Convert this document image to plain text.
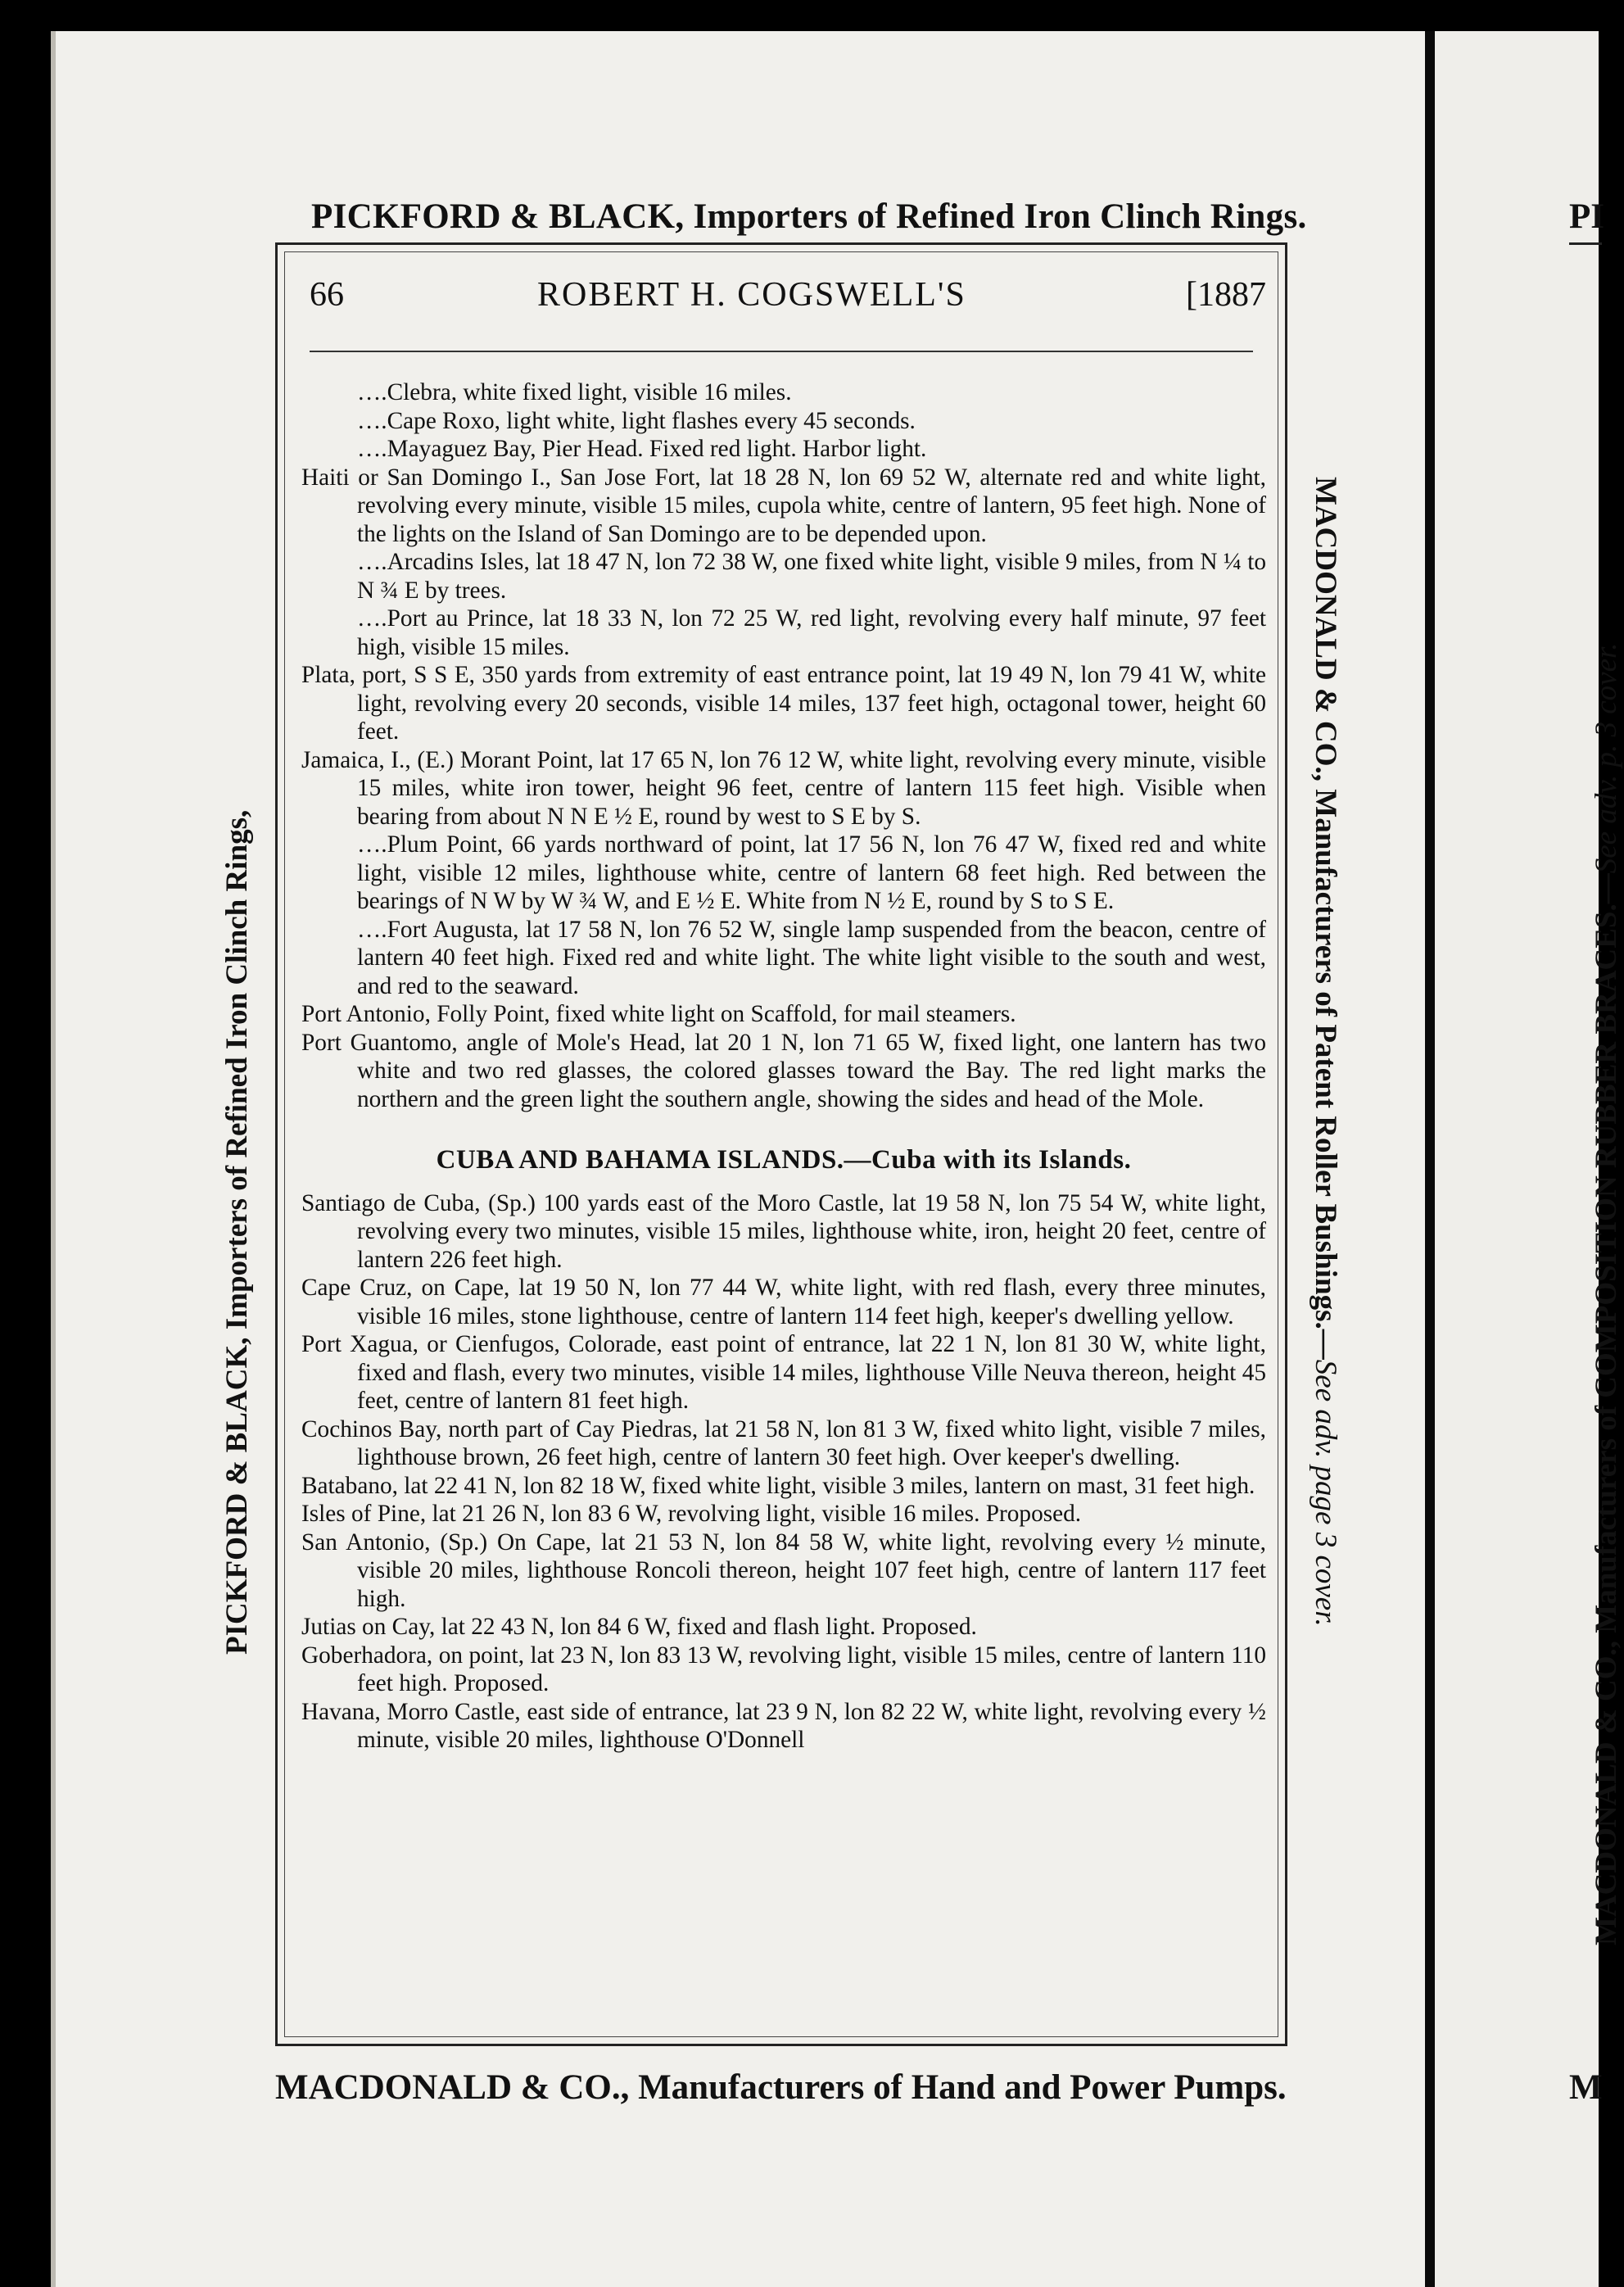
PICKFORD & BLACK, Importers of Refined Iron Clinch Rings.
PICKFORD & BLACK, Importers of Refined Iron Clinch Rings,	MACDONALD & CO., Manufacturers of Patent Roller Bushings.—See adv. page 3 cover.
66	ROBERT H. COGSWELL'S	[1887

…. Clebra, white fixed light, visible 16 miles.

…. Cape Roxo, light white, light flashes every 45 seconds.

…. Mayaguez Bay, Pier Head. Fixed red light. Harbor light.

Haiti or San Domingo I., San Jose Fort, lat 18 28 N, lon 69 52 W, alternate red and white light, revolving every minute, visible 15 miles, cupola white, centre of lantern, 95 feet high. None of the lights on the Island of San Domingo are to be depended upon.

…. Arcadins Isles, lat 18 47 N, lon 72 38 W, one fixed white light, visible 9 miles, from N ¼ to N ¾ E by trees.

…. Port au Prince, lat 18 33 N, lon 72 25 W, red light, revolving every half minute, 97 feet high, visible 15 miles.

Plata, port, S S E, 350 yards from extremity of east entrance point, lat 19 49 N, lon 79 41 W, white light, revolving every 20 seconds, visible 14 miles, 137 feet high, octagonal tower, height 60 feet.

Jamaica, I., (E.) Morant Point, lat 17 65 N, lon 76 12 W, white light, revolving every minute, visible 15 miles, white iron tower, height 96 feet, centre of lantern 115 feet high. Visible when bearing from about N N E ½ E, round by west to S E by S.

…. Plum Point, 66 yards northward of point, lat 17 56 N, lon 76 47 W, fixed red and white light, visible 12 miles, lighthouse white, centre of lantern 68 feet high. Red between the bearings of N W by W ¾ W, and E ½ E. White from N ½ E, round by S to S E.

…. Fort Augusta, lat 17 58 N, lon 76 52 W, single lamp suspended from the beacon, centre of lantern 40 feet high. Fixed red and white light. The white light visible to the south and west, and red to the seaward.

Port Antonio, Folly Point, fixed white light on Scaffold, for mail steamers.

Port Guantomo, angle of Mole's Head, lat 20 1 N, lon 71 65 W, fixed light, one lantern has two white and two red glasses, the colored glasses toward the Bay. The red light marks the northern and the green light the southern angle, showing the sides and head of the Mole.

CUBA AND BAHAMA ISLANDS.—Cuba with its Islands.

Santiago de Cuba, (Sp.) 100 yards east of the Moro Castle, lat 19 58 N, lon 75 54 W, white light, revolving every two minutes, visible 15 miles, lighthouse white, iron, height 20 feet, centre of lantern 226 feet high.

Cape Cruz, on Cape, lat 19 50 N, lon 77 44 W, white light, with red flash, every three minutes, visible 16 miles, stone lighthouse, centre of lantern 114 feet high, keeper's dwelling yellow.

Port Xagua, or Cienfugos, Colorade, east point of entrance, lat 22 1 N, lon 81 30 W, white light, fixed and flash, every two minutes, visible 14 miles, lighthouse Ville Neuva thereon, height 45 feet, centre of lantern 81 feet high.

Cochinos Bay, north part of Cay Piedras, lat 21 58 N, lon 81 3 W, fixed whito light, visible 7 miles, lighthouse brown, 26 feet high, centre of lantern 30 feet high. Over keeper's dwelling.

Batabano, lat 22 41 N, lon 82 18 W, fixed white light, visible 3 miles, lantern on mast, 31 feet high.

Isles of Pine, lat 21 26 N, lon 83 6 W, revolving light, visible 16 miles. Proposed.

San Antonio, (Sp.) On Cape, lat 21 53 N, lon 84 58 W, white light, revolving every ½ minute, visible 20 miles, lighthouse Roncoli thereon, height 107 feet high, centre of lantern 117 feet high.

Jutias on Cay, lat 22 43 N, lon 84 6 W, fixed and flash light. Proposed.

Goberhadora, on point, lat 23 N, lon 83 13 W, revolving light, visible 15 miles, centre of lantern 110 feet high. Proposed.

Havana, Morro Castle, east side of entrance, lat 23 9 N, lon 82 22 W, white light, revolving every ½ minute, visible 20 miles, lighthouse O'Donnell

MACDONALD & CO., Manufacturers of Hand and Power Pumps.
PI
MACDONALD & CO., Manufacturers of COMPOSITION RUBBER BRACES.—See adv. p. 3 cover.
M
